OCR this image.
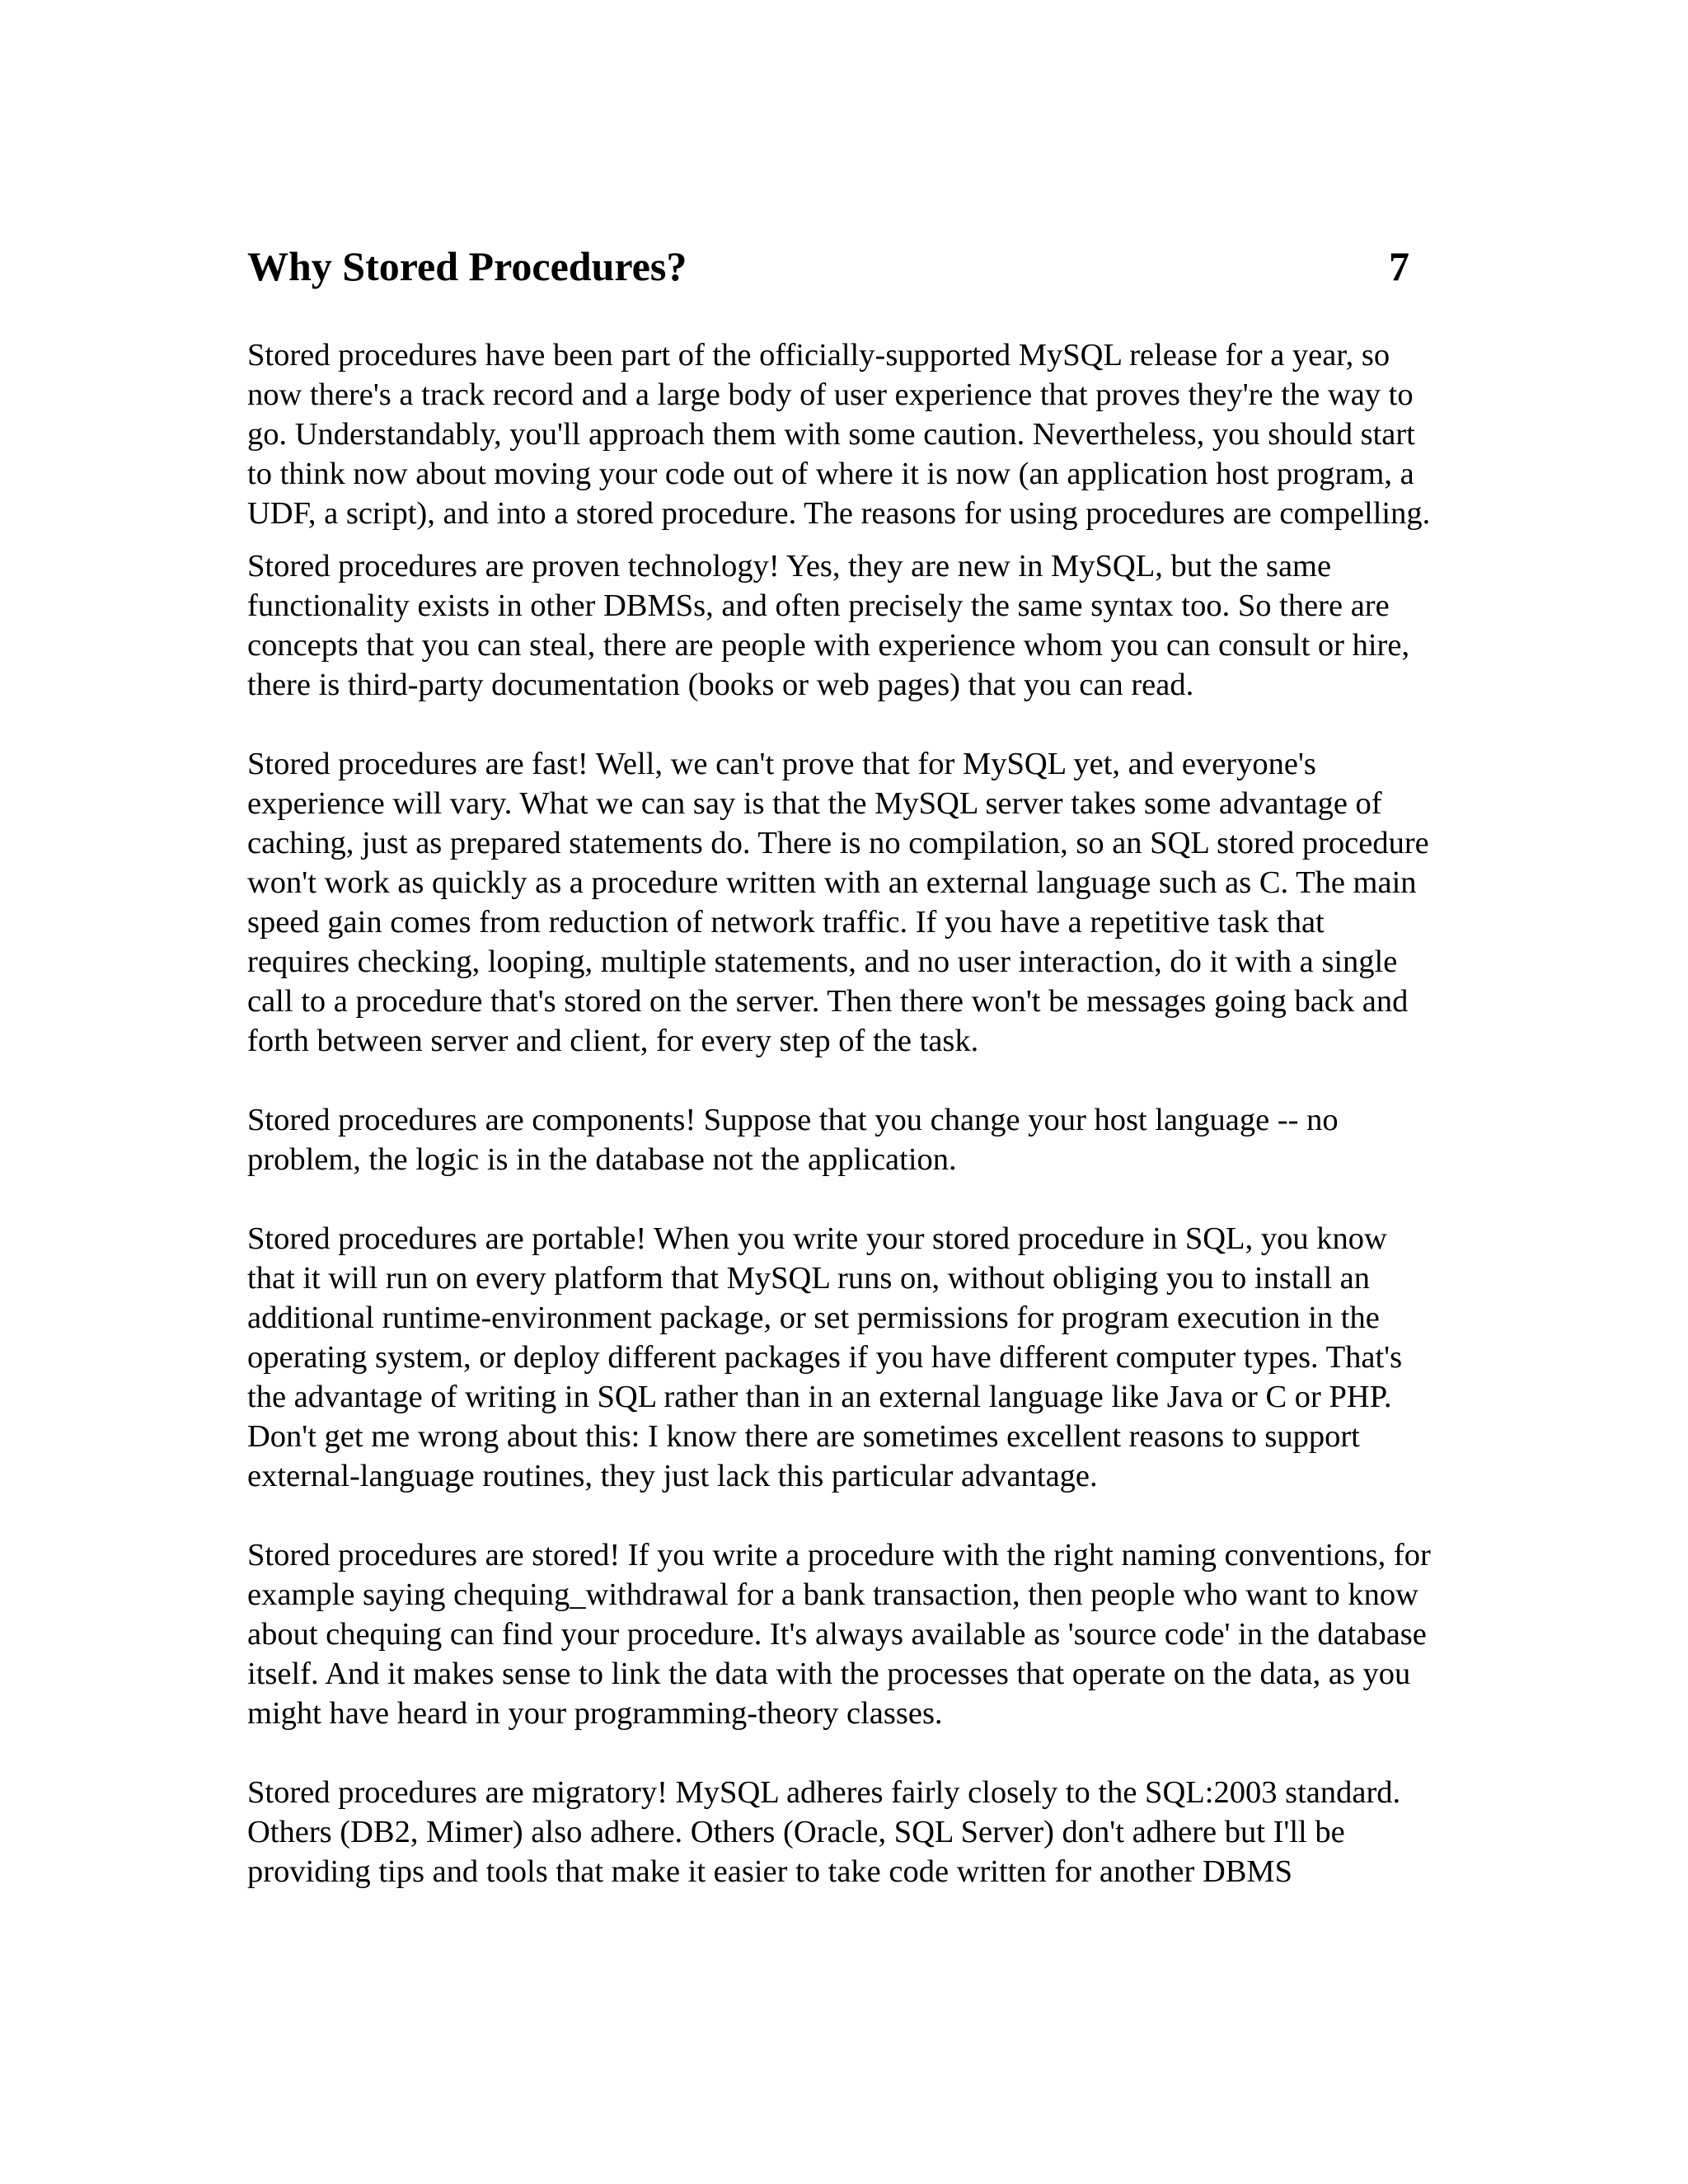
Why Stored Procedures?	7

Stored procedures have been part of the officially-supported MySQL release for a year, so now there's a track record and a large body of user experience that proves they're the way to go. Understandably, you'll approach them with some caution. Nevertheless, you should start to think now about moving your code out of where it is now (an application host program, a UDF, a script), and into a stored procedure. The reasons for using procedures are compelling.

Stored procedures are proven technology! Yes, they are new in MySQL, but the same functionality exists in other DBMSs, and often precisely the same syntax too. So there are concepts that you can steal, there are people with experience whom you can consult or hire, there is third-party documentation (books or web pages) that you can read.

Stored procedures are fast! Well, we can't prove that for MySQL yet, and everyone's experience will vary. What we can say is that the MySQL server takes some advantage of caching, just as prepared statements do. There is no compilation, so an SQL stored procedure won't work as quickly as a procedure written with an external language such as C. The main speed gain comes from reduction of network traffic. If you have a repetitive task that requires checking, looping, multiple statements, and no user interaction, do it with a single call to a procedure that's stored on the server. Then there won't be messages going back and forth between server and client, for every step of the task.

Stored procedures are components! Suppose that you change your host language -- no problem, the logic is in the database not the application.

Stored procedures are portable! When you write your stored procedure in SQL, you know that it will run on every platform that MySQL runs on, without obliging you to install an additional runtime-environment package, or set permissions for program execution in the operating system, or deploy different packages if you have different computer types. That's the advantage of writing in SQL rather than in an external language like Java or C or PHP. Don't get me wrong about this: I know there are sometimes excellent reasons to support external-language routines, they just lack this particular advantage.

Stored procedures are stored! If you write a procedure with the right naming conventions, for example saying chequing_withdrawal for a bank transaction, then people who want to know about chequing can find your procedure. It's always available as 'source code' in the database itself. And it makes sense to link the data with the processes that operate on the data, as you might have heard in your programming-theory classes.

Stored procedures are migratory! MySQL adheres fairly closely to the SQL:2003 standard. Others (DB2, Mimer) also adhere. Others (Oracle, SQL Server) don't adhere but I'll be providing tips and tools that make it easier to take code written for another DBMS
